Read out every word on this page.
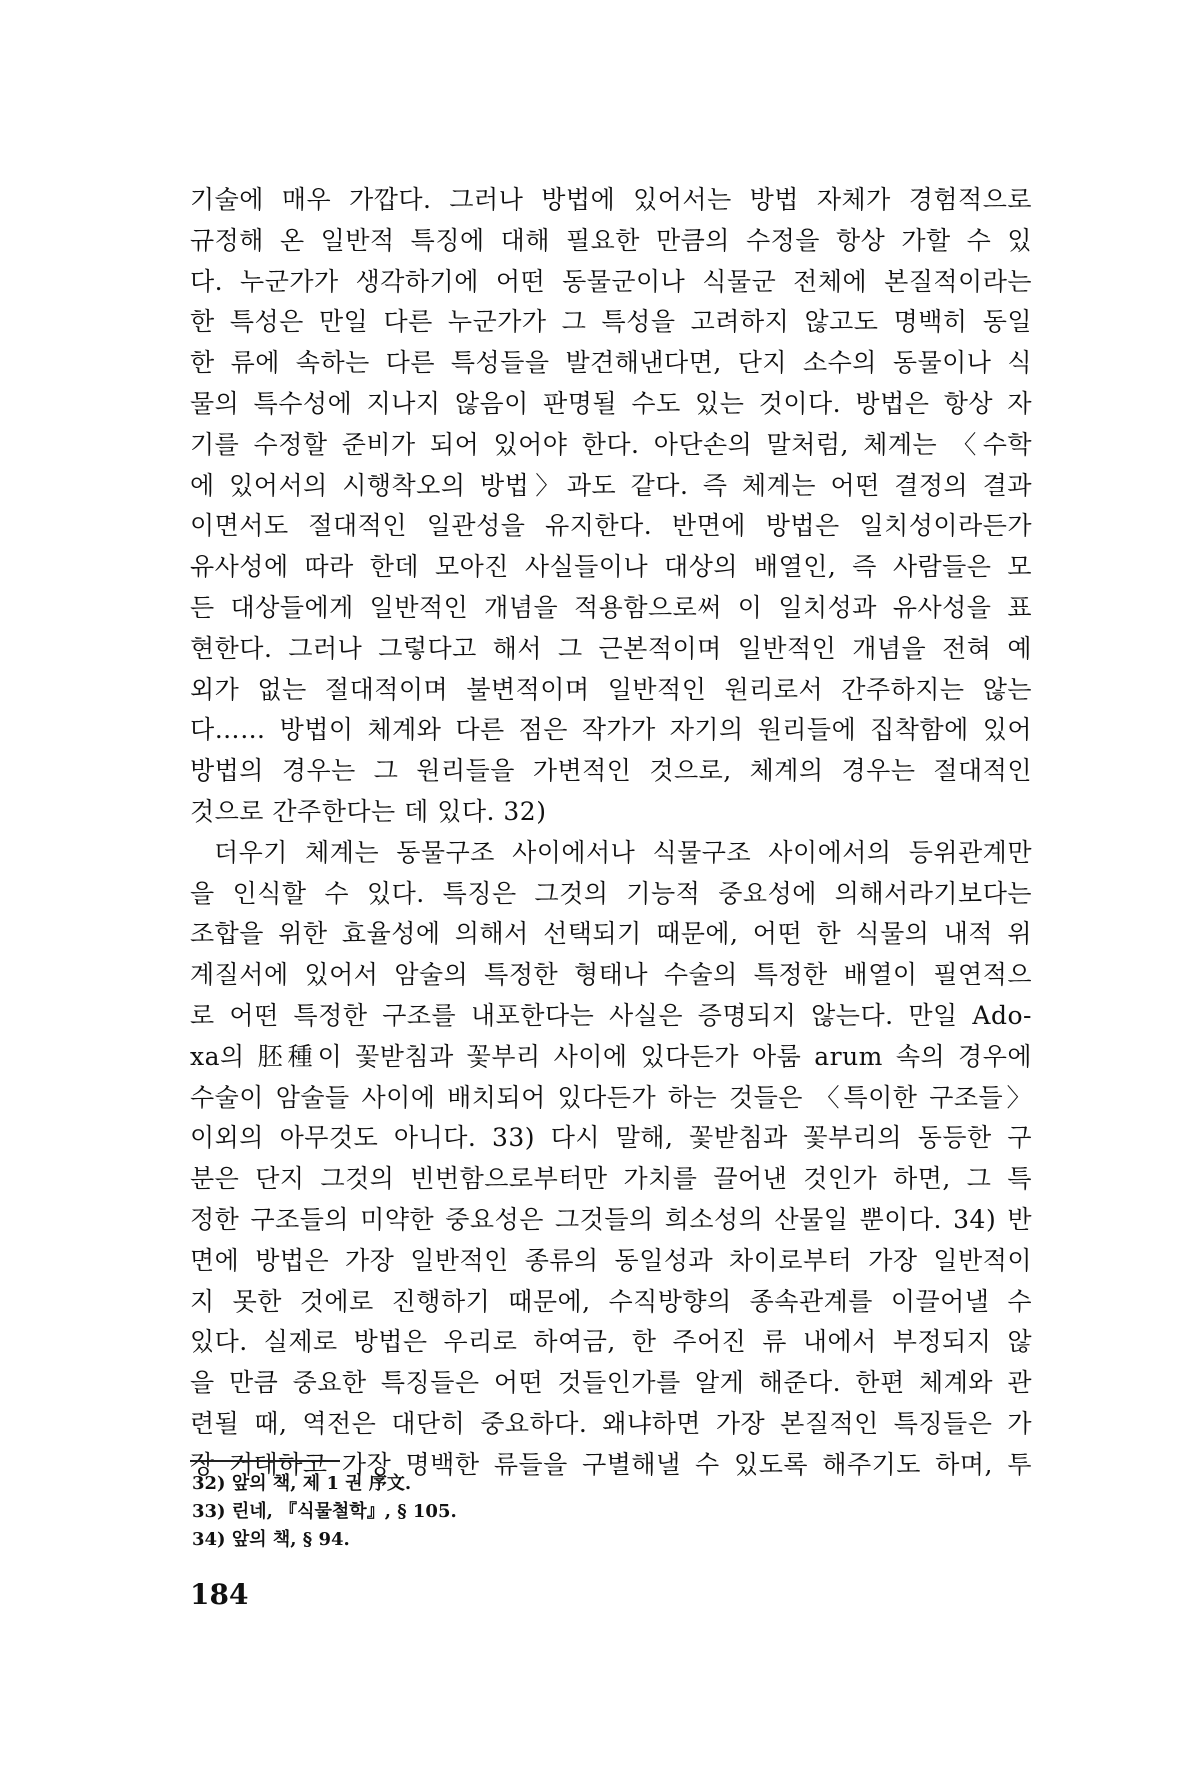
기술에 매우 가깝다. 그러나 방법에 있어서는 방법 자체가 경험적으로
규정해 온 일반적 특징에 대해 필요한 만큼의 수정을 항상 가할 수 있
다. 누군가가 생각하기에 어떤 동물군이나 식물군 전체에 본질적이라는
한 특성은 만일 다른 누군가가 그 특성을 고려하지 않고도 명백히 동일
한 류에 속하는 다른 특성들을 발견해낸다면, 단지 소수의 동물이나 식
물의 특수성에 지나지 않음이 판명될 수도 있는 것이다. 방법은 항상 자
기를 수정할 준비가 되어 있어야 한다. 아단손의 말처럼, 체계는 〈수학
에 있어서의 시행착오의 방법〉과도 같다. 즉 체계는 어떤 결정의 결과
이면서도 절대적인 일관성을 유지한다. 반면에 방법은 일치성이라든가
유사성에 따라 한데 모아진 사실들이나 대상의 배열인, 즉 사람들은 모
든 대상들에게 일반적인 개념을 적용함으로써 이 일치성과 유사성을 표
현한다. 그러나 그렇다고 해서 그 근본적이며 일반적인 개념을 전혀 예
외가 없는 절대적이며 불변적이며 일반적인 원리로서 간주하지는 않는
다…… 방법이 체계와 다른 점은 작가가 자기의 원리들에 집착함에 있어
방법의 경우는 그 원리들을 가변적인 것으로, 체계의 경우는 절대적인
것으로 간주한다는 데 있다. 32)
더우기 체계는 동물구조 사이에서나 식물구조 사이에서의 등위관계만
을 인식할 수 있다. 특징은 그것의 기능적 중요성에 의해서라기보다는
조합을 위한 효율성에 의해서 선택되기 때문에, 어떤 한 식물의 내적 위
계질서에 있어서 암술의 특정한 형태나 수술의 특정한 배열이 필연적으
로 어떤 특정한 구조를 내포한다는 사실은 증명되지 않는다. 만일 Ado-
xa의 胚種이 꽃받침과 꽃부리 사이에 있다든가 아룸 arum 속의 경우에
수술이 암술들 사이에 배치되어 있다든가 하는 것들은 〈특이한 구조들〉
이외의 아무것도 아니다. 33) 다시 말해, 꽃받침과 꽃부리의 동등한 구
분은 단지 그것의 빈번함으로부터만 가치를 끌어낸 것인가 하면, 그 특
정한 구조들의 미약한 중요성은 그것들의 희소성의 산물일 뿐이다. 34) 반
면에 방법은 가장 일반적인 종류의 동일성과 차이로부터 가장 일반적이
지 못한 것에로 진행하기 때문에, 수직방향의 종속관계를 이끌어낼 수
있다. 실제로 방법은 우리로 하여금, 한 주어진 류 내에서 부정되지 않
을 만큼 중요한 특징들은 어떤 것들인가를 알게 해준다. 한편 체계와 관
련될 때, 역전은 대단히 중요하다. 왜냐하면 가장 본질적인 특징들은 가
장 거대하고 가장 명백한 류들을 구별해낼 수 있도록 해주기도 하며, 투
32) 앞의 책, 제 1 권 序文.
33) 린네, 『식물철학』, § 105.
34) 앞의 책, § 94.
184
